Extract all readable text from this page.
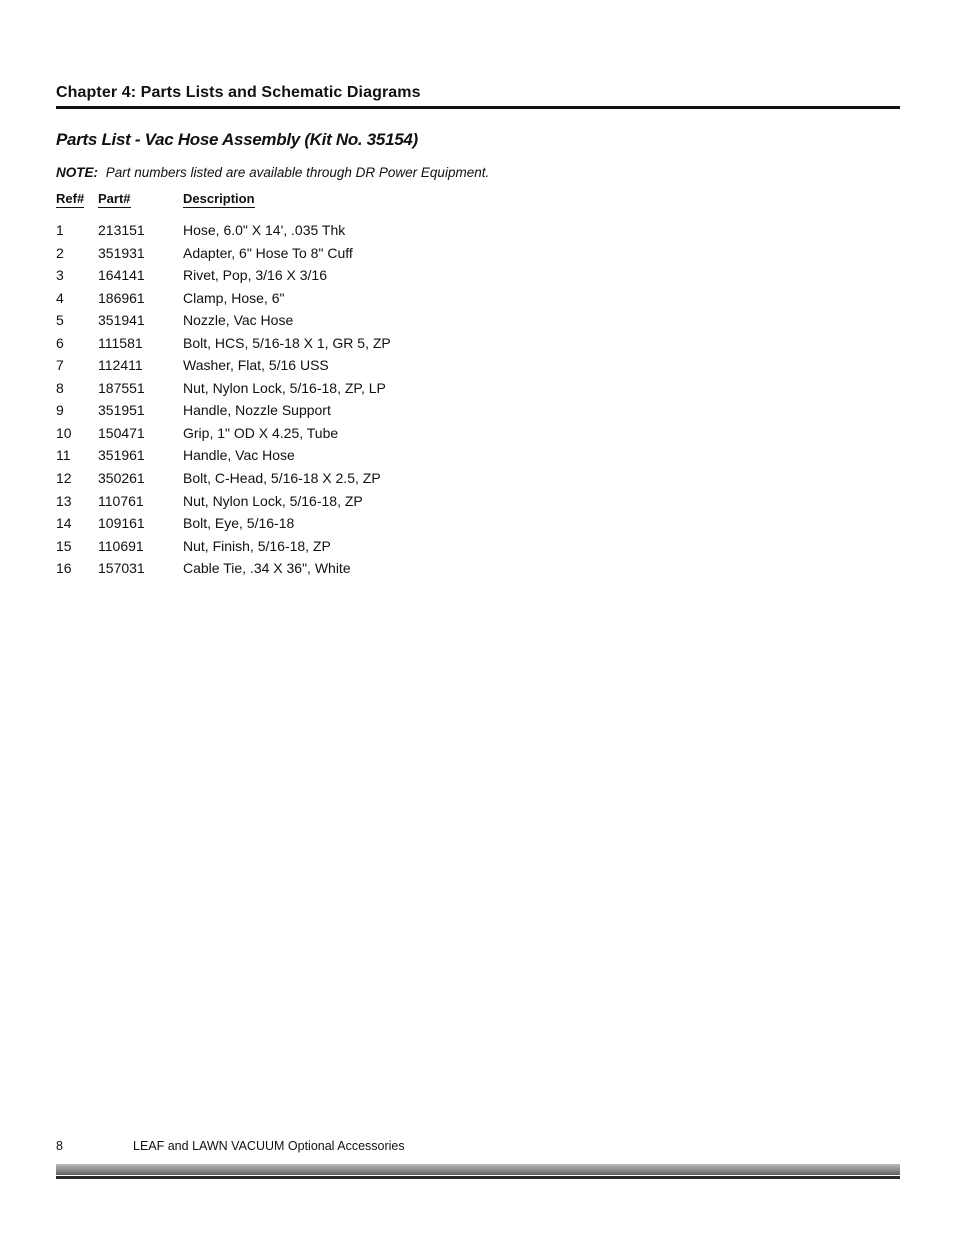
Chapter 4: Parts Lists and Schematic Diagrams
Parts List - Vac Hose Assembly (Kit No. 35154)
NOTE: Part numbers listed are available through DR Power Equipment.
Ref# Part#	Description
1 213151	Hose, 6.0" X 14', .035 Thk
2 351931	Adapter, 6" Hose To 8" Cuff
3 164141	Rivet, Pop, 3/16 X 3/16
4 186961	Clamp, Hose, 6"
5 351941	Nozzle, Vac Hose
6 111581	Bolt, HCS, 5/16-18 X 1, GR 5, ZP
7 112411	Washer, Flat, 5/16 USS
8 187551	Nut, Nylon Lock, 5/16-18, ZP, LP
9 351951	Handle, Nozzle Support
10 150471	Grip, 1" OD X 4.25, Tube
11 351961	Handle, Vac Hose
12 350261	Bolt, C-Head, 5/16-18 X 2.5, ZP
13 110761	Nut, Nylon Lock, 5/16-18, ZP
14 109161	Bolt, Eye, 5/16-18
15 110691	Nut, Finish, 5/16-18, ZP
16 157031	Cable Tie, .34 X 36", White
8	LEAF and LAWN VACUUM Optional Accessories
